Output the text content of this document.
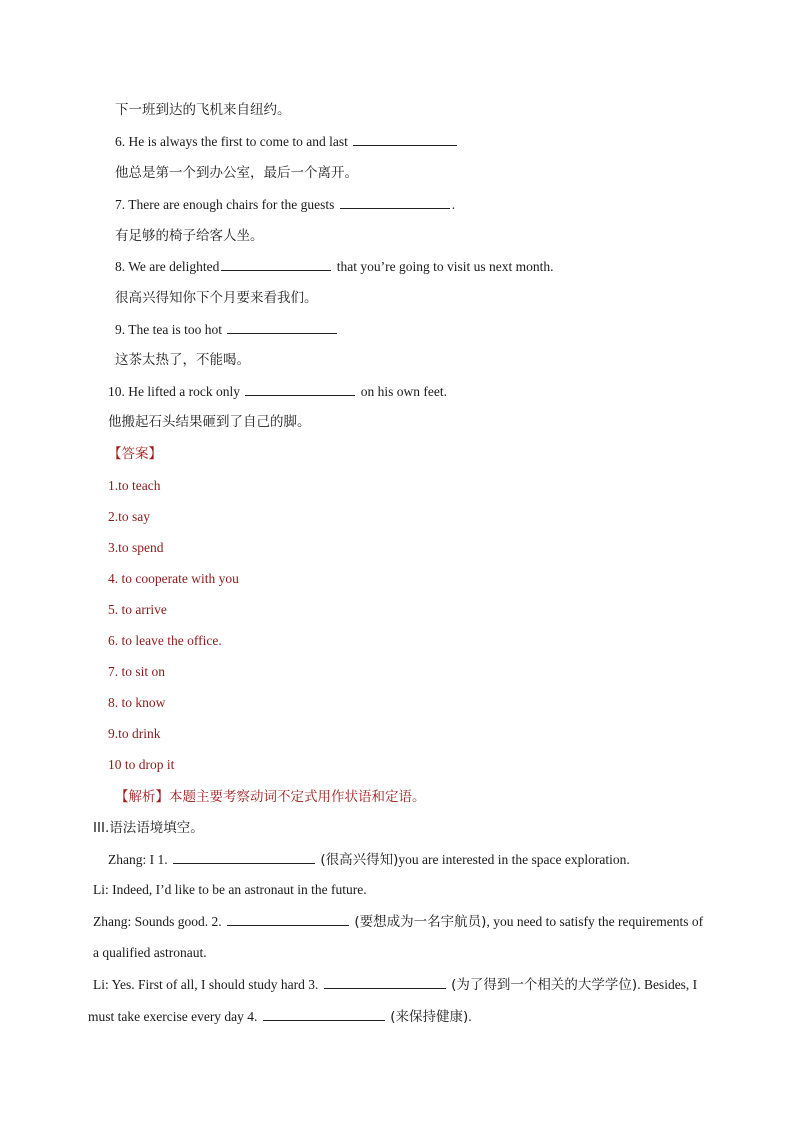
下一班到达的飞机来自纽约。
6. He is always the first to come to and last
他总是第一个到办公室，最后一个离开。
7. There are enough chairs for the guests	.
有足够的椅子给客人坐。
8. We are delighted	that you’re going to visit us next month.
很高兴得知你下个月要来看我们。
9. The tea is too hot
这茶太热了，不能喝。
10. He lifted a rock only	on his own feet.
他搬起石头结果砸到了自己的脚。
【答案】
1.to teach
2.to say
3.to spend
4. to cooperate with you
5. to arrive
6. to leave the office.
7. to sit on
8. to know
9.to drink
10 to drop it
【解析】本题主要考察动词不定式用作状语和定语。
III.语法语境填空。
Zhang: I 1.	(很高兴得知)you are interested in the space exploration.
Li: Indeed, I’d like to be an astronaut in the future.
Zhang: Sounds good. 2.	(要想成为一名宇航员), you need to satisfy the requirements of
a qualified astronaut.
Li: Yes. First of all, I should study hard 3.	(为了得到一个相关的大学学位). Besides, I
must take exercise every day 4.	(来保持健康).
